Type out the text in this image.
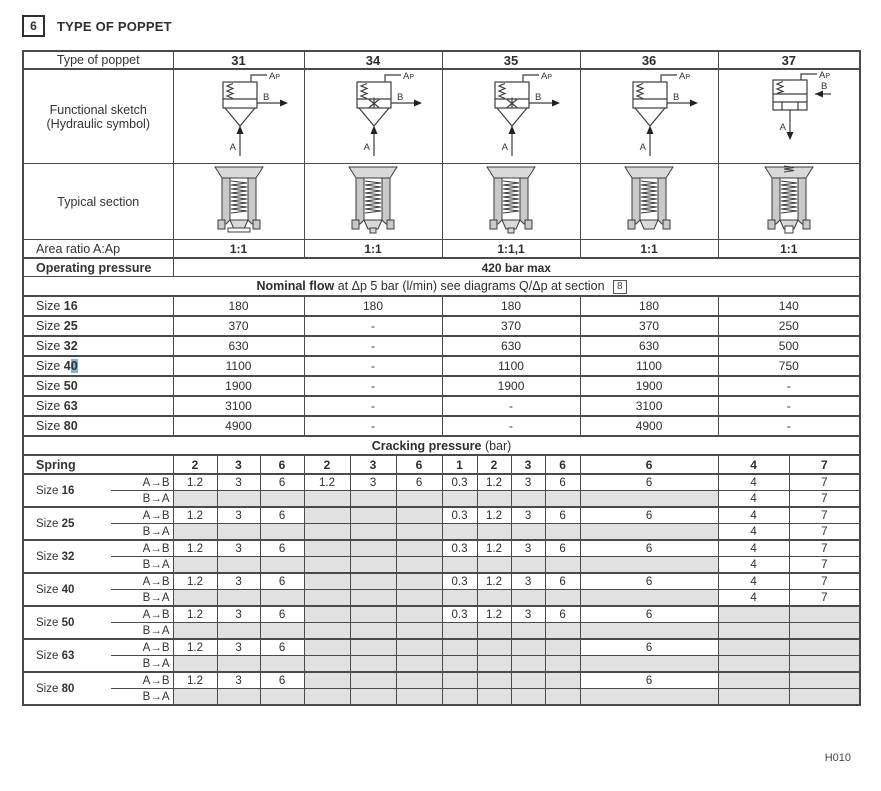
6	TYPE OF POPPET
Type of poppet		31			34			35				36	37	

Functional sketch
(Hydraulic symbol)

AP
B
A

AP
B
A

AP
B
A

AP
B
A

AP
B
A

Typical section					
Area ratio A:Ap		1:1			1:1			1:1,1				1:1	1:1	
Operating pressure		420 bar max												
Nominal flow at Δp 5 bar (l/min) see diagrams Q/Δp at section 8														
Size 16		180			180			180				180	140	
Size 25		370			-			370				370	250	
Size 32		630			-			630				630	500	
Size 40		1100			-			1100				1100	750	
Size 50		1900			-			1900				1900	-	
Size 63		3100			-			-				3100	-	
Size 80		4900			-			-				4900	-	
Cracking pressure (bar)														
Spring		2	3	6	2	3	6	1	2	3	6	6	4	7
Size 16	A→B	1.2	3	6	1.2	3	6	0.3	1.2	3	6	6	4	7
	B→A												4	7
Size 25	A→B	1.2	3	6				0.3	1.2	3	6	6	4	7
	B→A												4	7
Size 32	A→B	1.2	3	6				0.3	1.2	3	6	6	4	7
	B→A												4	7
Size 40	A→B	1.2	3	6				0.3	1.2	3	6	6	4	7
	B→A												4	7
Size 50	A→B	1.2	3	6				0.3	1.2	3	6	6		
	B→A													
Size 63	A→B	1.2	3	6								6		
	B→A													
Size 80	A→B	1.2	3	6								6		
	B→A													
H010
